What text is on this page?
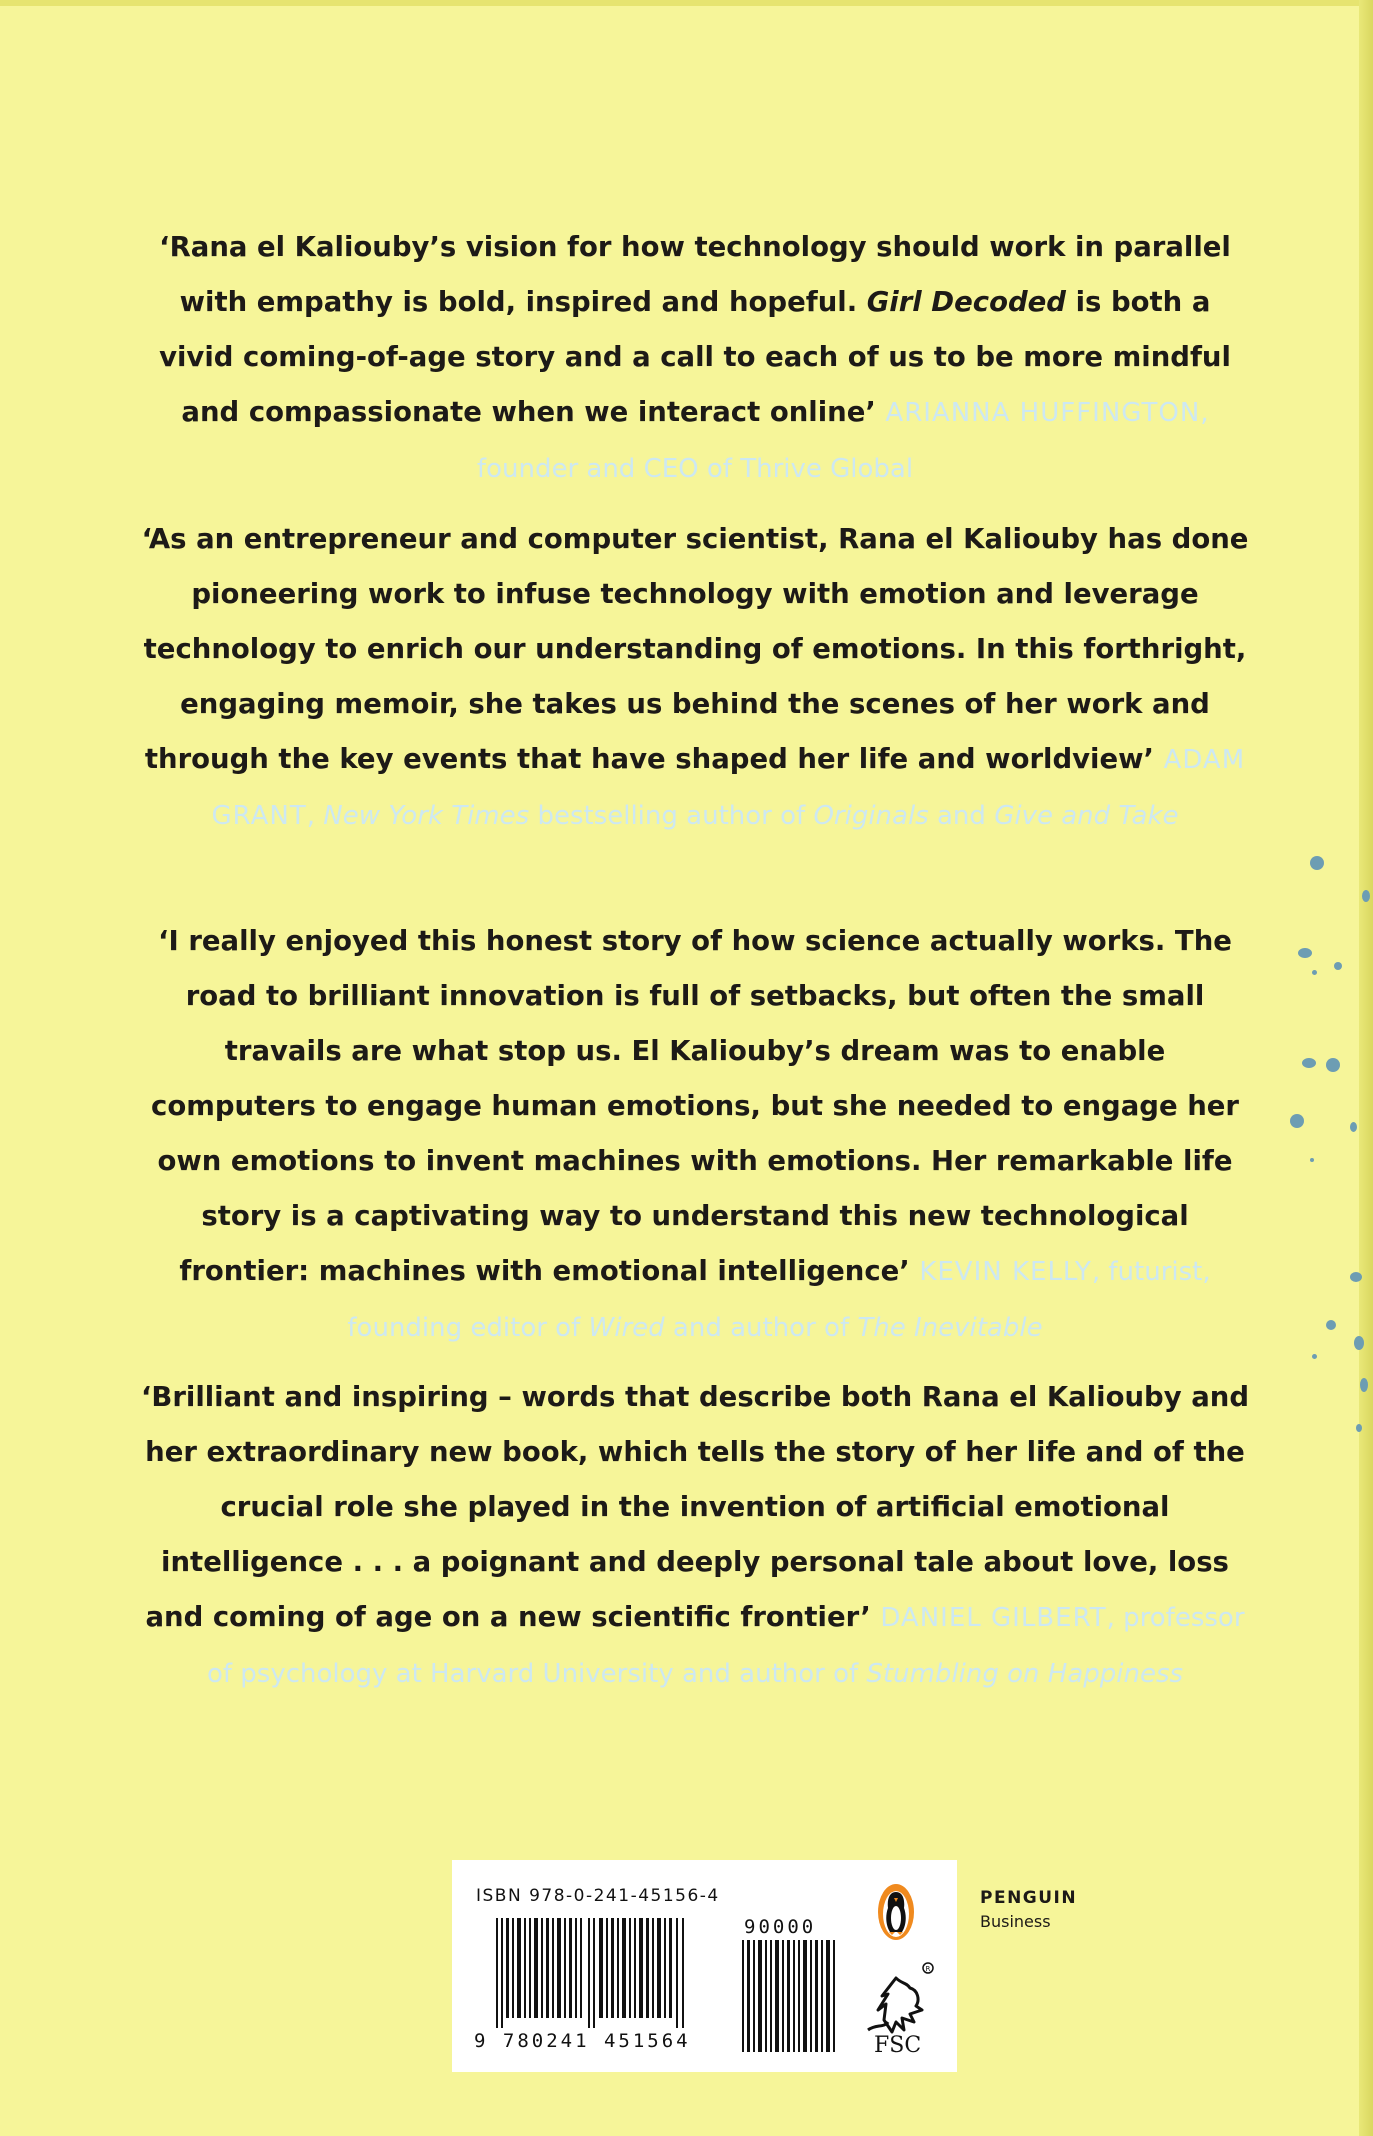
‘Rana el Kaliouby’s vision for how technology should work in parallel with empathy is bold, inspired and hopeful. Girl Decoded is both a vivid coming-of-age story and a call to each of us to be more mindful and compassionate when we interact online’ ARIANNA HUFFINGTON, founder and CEO of Thrive Global

‘As an entrepreneur and computer scientist, Rana el Kaliouby has done pioneering work to infuse technology with emotion and leverage technology to enrich our understanding of emotions. In this forthright, engaging memoir, she takes us behind the scenes of her work and through the key events that have shaped her life and worldview’ ADAM GRANT, New York Times bestselling author of Originals and Give and Take

‘I really enjoyed this honest story of how science actually works. The road to brilliant innovation is full of setbacks, but often the small travails are what stop us. El Kaliouby’s dream was to enable computers to engage human emotions, but she needed to engage her own emotions to invent machines with emotions. Her remarkable life story is a captivating way to understand this new technological frontier: machines with emotional intelligence’ KEVIN KELLY, futurist, founding editor of Wired and author of The Inevitable

‘Brilliant and inspiring – words that describe both Rana el Kaliouby and her extraordinary new book, which tells the story of her life and of the crucial role she played in the invention of artificial emotional intelligence . . . a poignant and deeply personal tale about love, loss and coming of age on a new scientific frontier’ DANIEL GILBERT, professor of psychology at Harvard University and author of Stumbling on Happiness

ISBN 978-0-241-45156-4
9 780241 451564
90000
R
FSC
PENGUIN
Business
